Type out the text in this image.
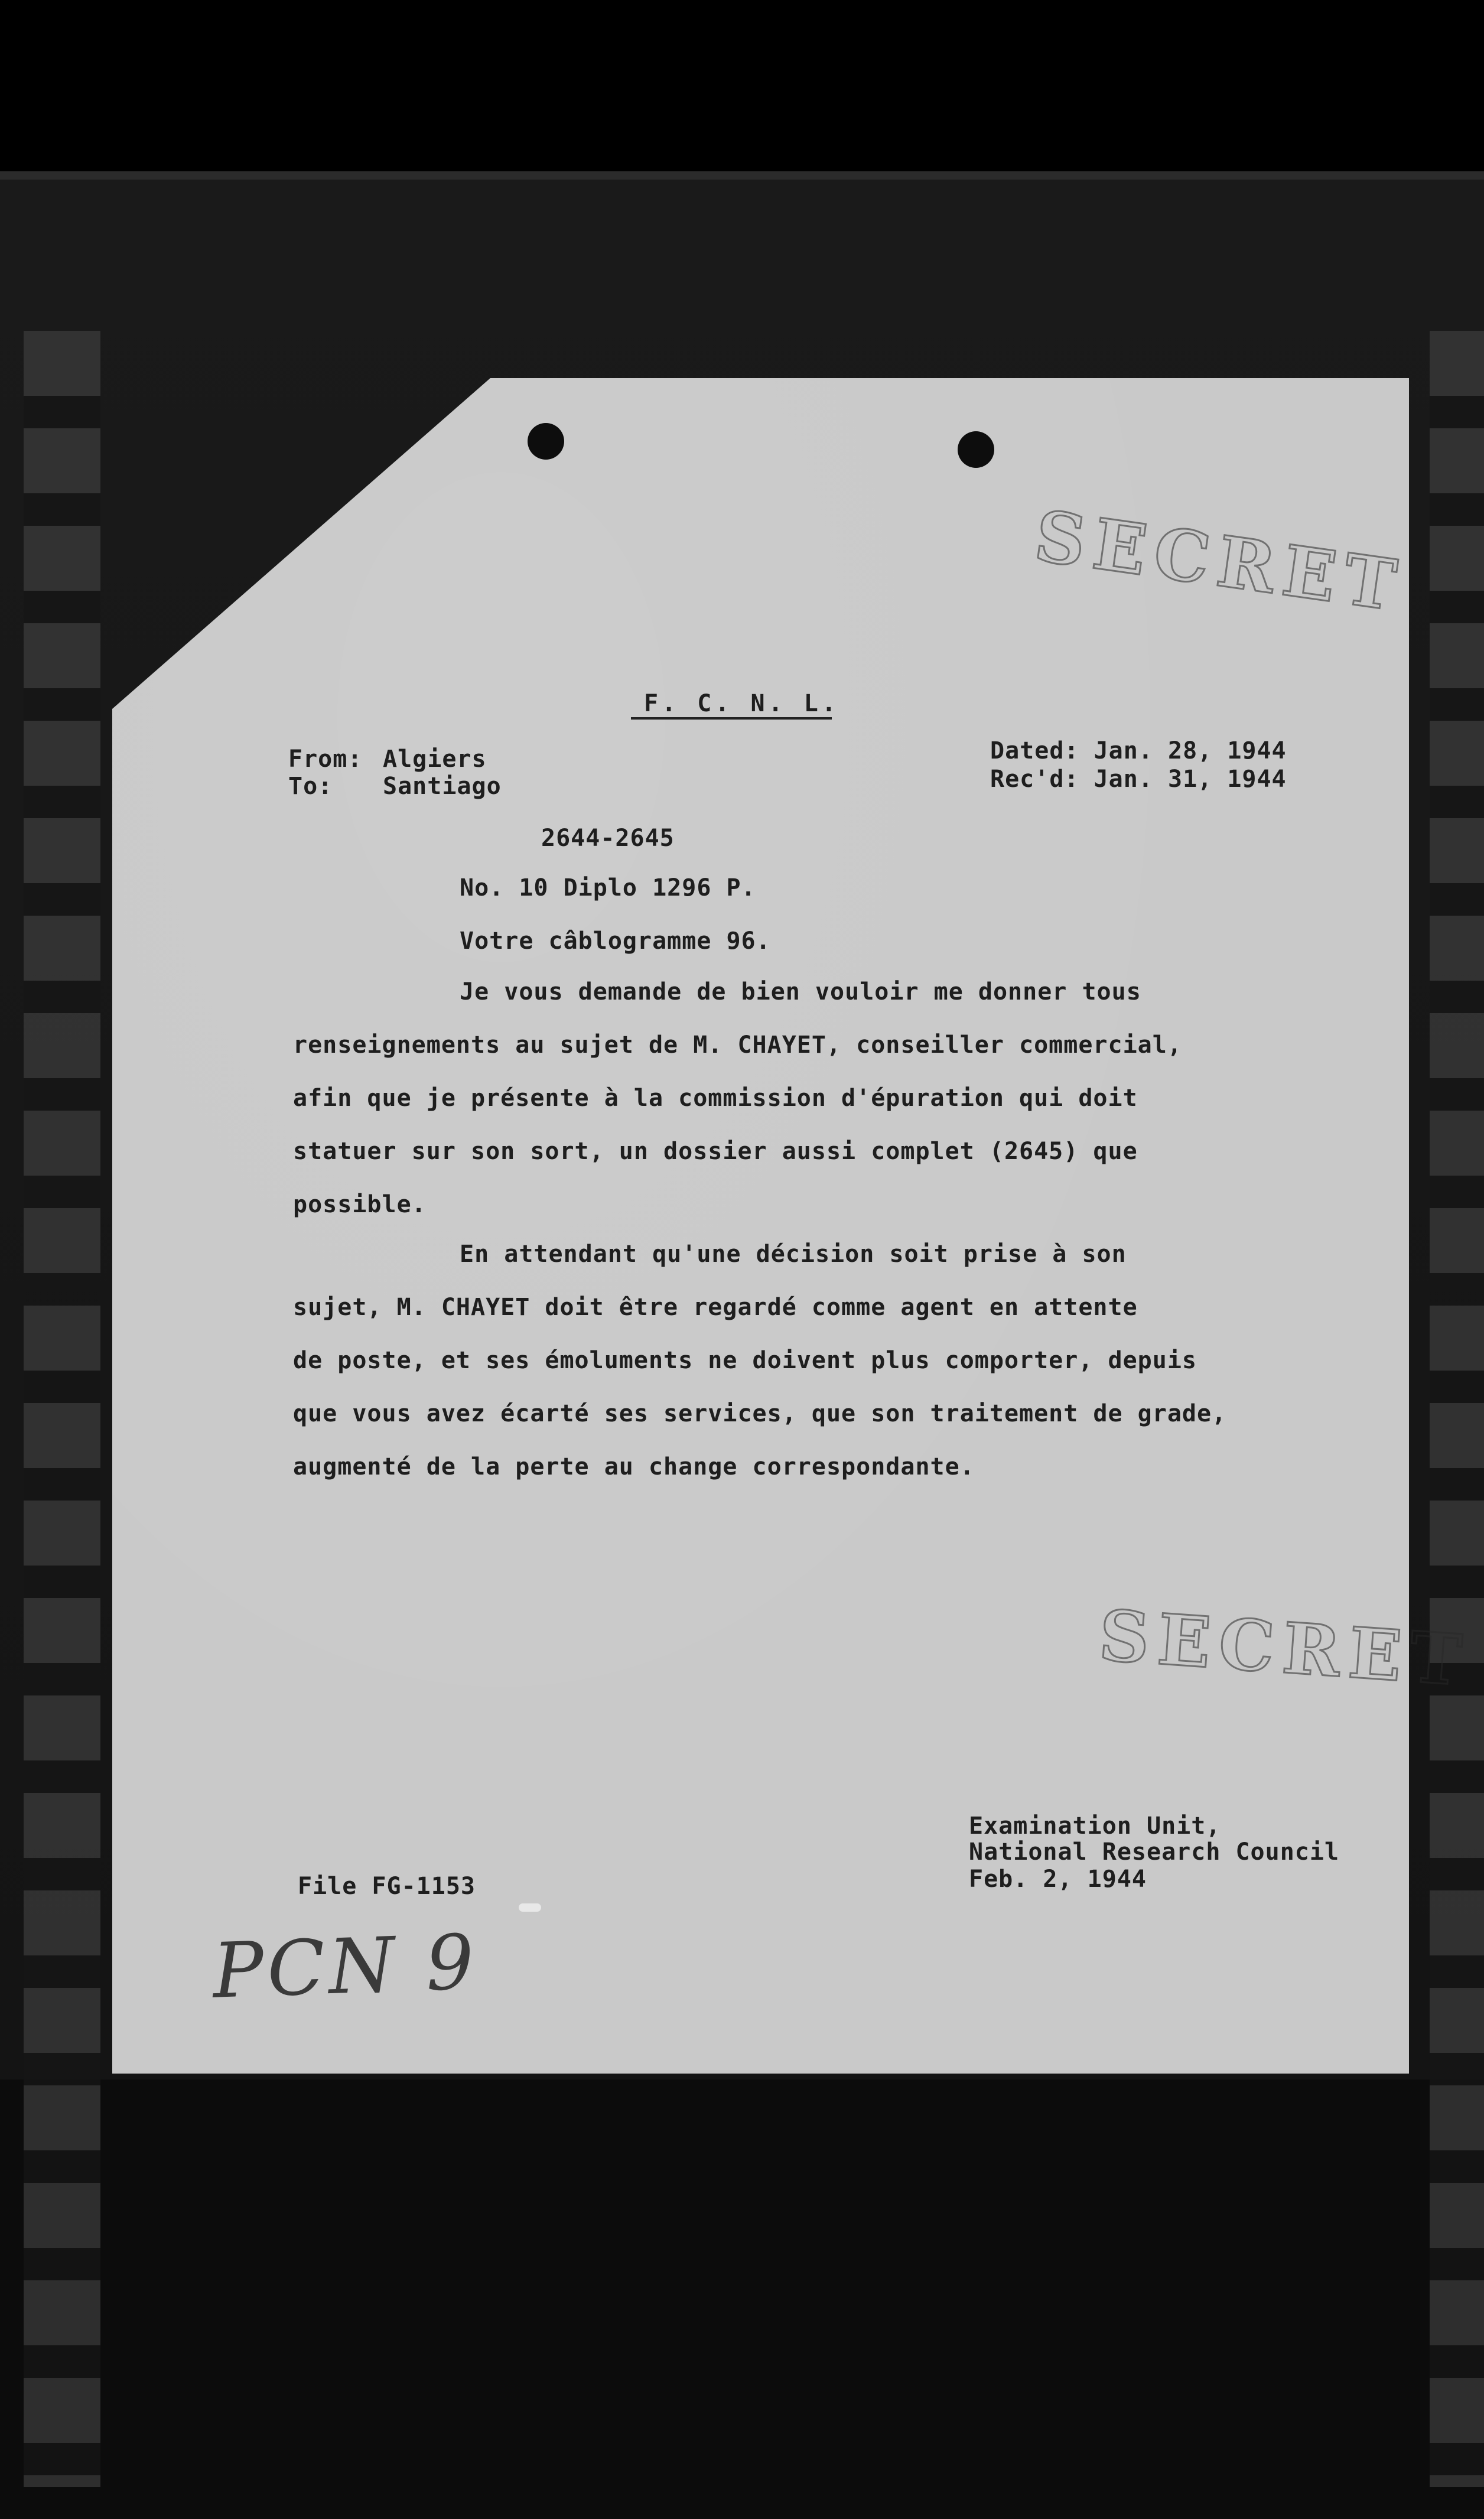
SECRET
SECRET
F. C. N. L.
From: Algiers
To: Santiago
Dated: Jan. 28, 1944
Rec'd: Jan. 31, 1944
2644-2645
No. 10 Diplo 1296 P.
Votre câblogramme 96.
Je vous demande de bien vouloir me donner tous
renseignements au sujet de M. CHAYET, conseiller commercial,
afin que je présente à la commission d'épuration qui doit
statuer sur son sort, un dossier aussi complet (2645) que
possible.
En attendant qu'une décision soit prise à son
sujet, M. CHAYET doit être regardé comme agent en attente
de poste, et ses émoluments ne doivent plus comporter, depuis
que vous avez écarté ses services, que son traitement de grade,
augmenté de la perte au change correspondante.
Examination Unit,
National Research Council
Feb. 2, 1944
File FG-1153
PCN 9
